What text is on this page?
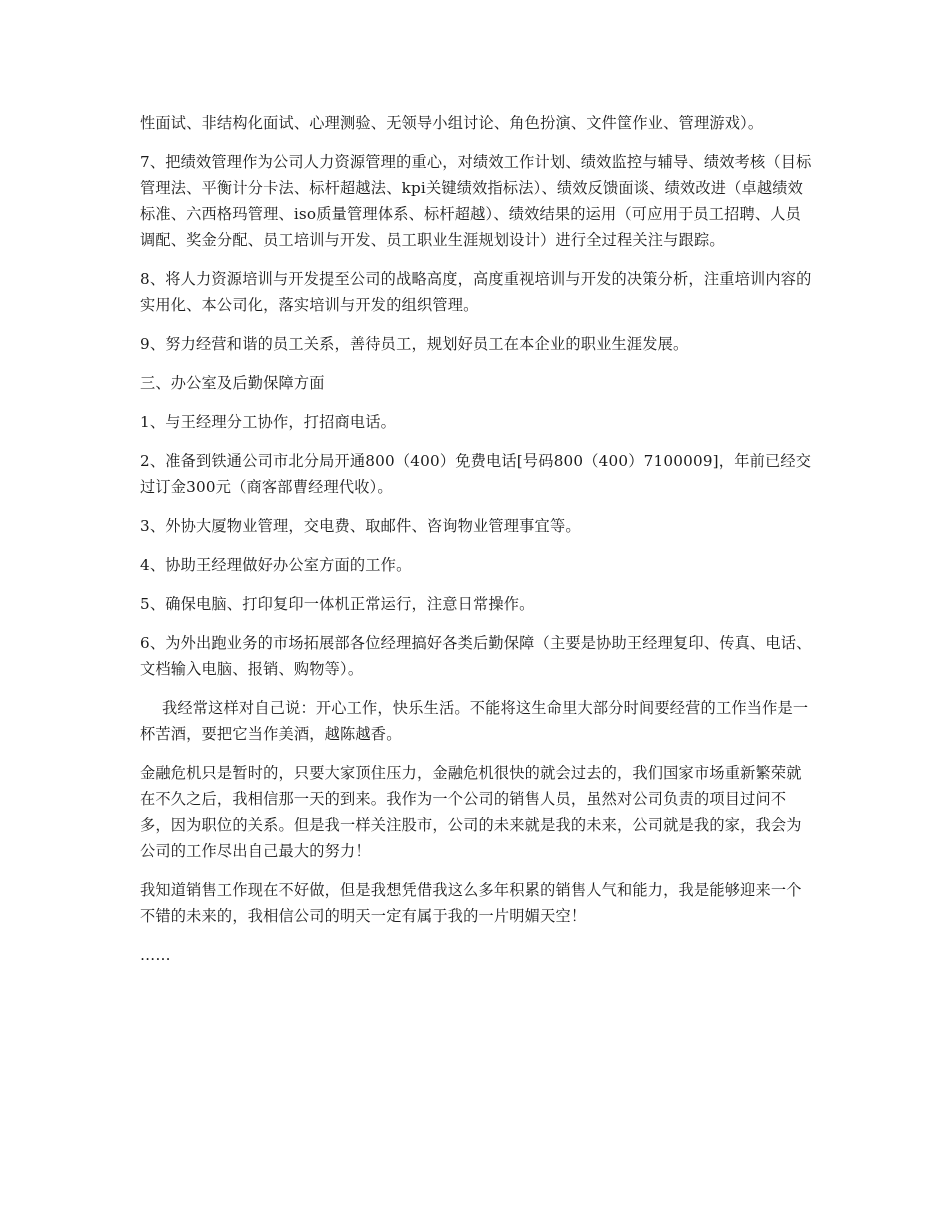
性面试、非结构化面试、心理测验、无领导小组讨论、角色扮演、文件筐作业、管理游戏）。

7、把绩效管理作为公司人力资源管理的重心，对绩效工作计划、绩效监控与辅导、绩效考核（目标管理法、平衡计分卡法、标杆超越法、kpi关键绩效指标法）、绩效反馈面谈、绩效改进（卓越绩效标准、六西格玛管理、iso质量管理体系、标杆超越）、绩效结果的运用（可应用于员工招聘、人员调配、奖金分配、员工培训与开发、员工职业生涯规划设计）进行全过程关注与跟踪。

8、将人力资源培训与开发提至公司的战略高度，高度重视培训与开发的决策分析，注重培训内容的实用化、本公司化，落实培训与开发的组织管理。

9、努力经营和谐的员工关系，善待员工，规划好员工在本企业的职业生涯发展。

三、办公室及后勤保障方面

1、与王经理分工协作，打招商电话。

2、准备到铁通公司市北分局开通800（400）免费电话[号码800（400）7100009]，年前已经交过订金300元（商客部曹经理代收）。

3、外协大厦物业管理，交电费、取邮件、咨询物业管理事宜等。

4、协助王经理做好办公室方面的工作。

5、确保电脑、打印复印一体机正常运行，注意日常操作。

6、为外出跑业务的市场拓展部各位经理搞好各类后勤保障（主要是协助王经理复印、传真、电话、文档输入电脑、报销、购物等）。

我经常这样对自己说：开心工作，快乐生活。不能将这生命里大部分时间要经营的工作当作是一杯苦酒，要把它当作美酒，越陈越香。

金融危机只是暂时的，只要大家顶住压力，金融危机很快的就会过去的，我们国家市场重新繁荣就在不久之后，我相信那一天的到来。我作为一个公司的销售人员，虽然对公司负责的项目过问不多，因为职位的关系。但是我一样关注股市，公司的未来就是我的未来，公司就是我的家，我会为公司的工作尽出自己最大的努力！

我知道销售工作现在不好做，但是我想凭借我这么多年积累的销售人气和能力，我是能够迎来一个不错的未来的，我相信公司的明天一定有属于我的一片明媚天空！

……
